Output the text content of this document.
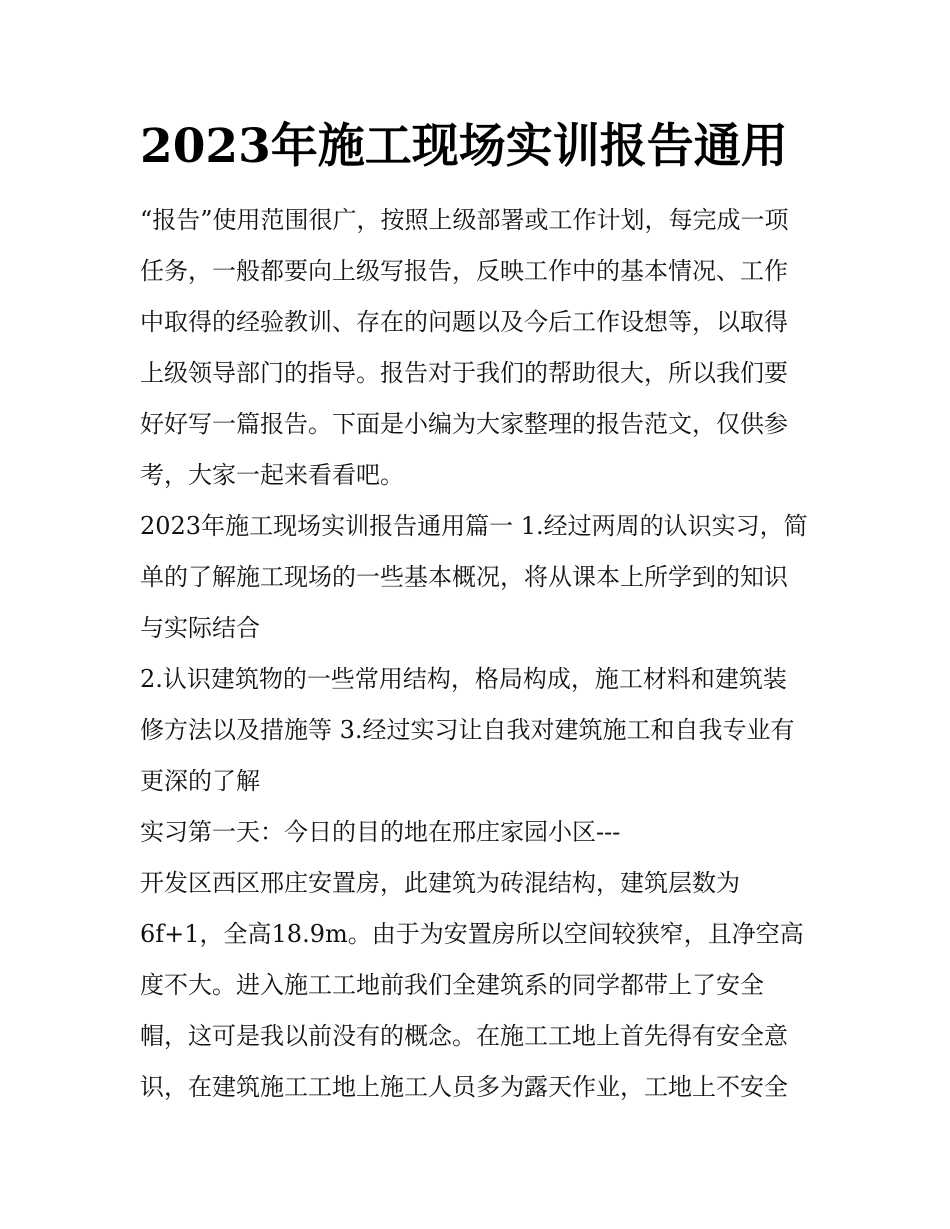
2023年施工现场实训报告通用
“报告”使用范围很广，按照上级部署或工作计划，每完成一项
任务，一般都要向上级写报告，反映工作中的基本情况、工作
中取得的经验教训、存在的问题以及今后工作设想等，以取得
上级领导部门的指导。报告对于我们的帮助很大，所以我们要
好好写一篇报告。下面是小编为大家整理的报告范文，仅供参
考，大家一起来看看吧。
2023年施工现场实训报告通用篇一 1.经过两周的认识实习，简
单的了解施工现场的一些基本概况，将从课本上所学到的知识
与实际结合
2.认识建筑物的一些常用结构，格局构成，施工材料和建筑装
修方法以及措施等 3.经过实习让自我对建筑施工和自我专业有
更深的了解
实习第一天：今日的目的地在邢庄家园小区---
开发区西区邢庄安置房，此建筑为砖混结构，建筑层数为
6f+1，全高18.9m。由于为安置房所以空间较狭窄，且净空高
度不大。进入施工工地前我们全建筑系的同学都带上了安全
帽，这可是我以前没有的概念。在施工工地上首先得有安全意
识，在建筑施工工地上施工人员多为露天作业，工地上不安全
